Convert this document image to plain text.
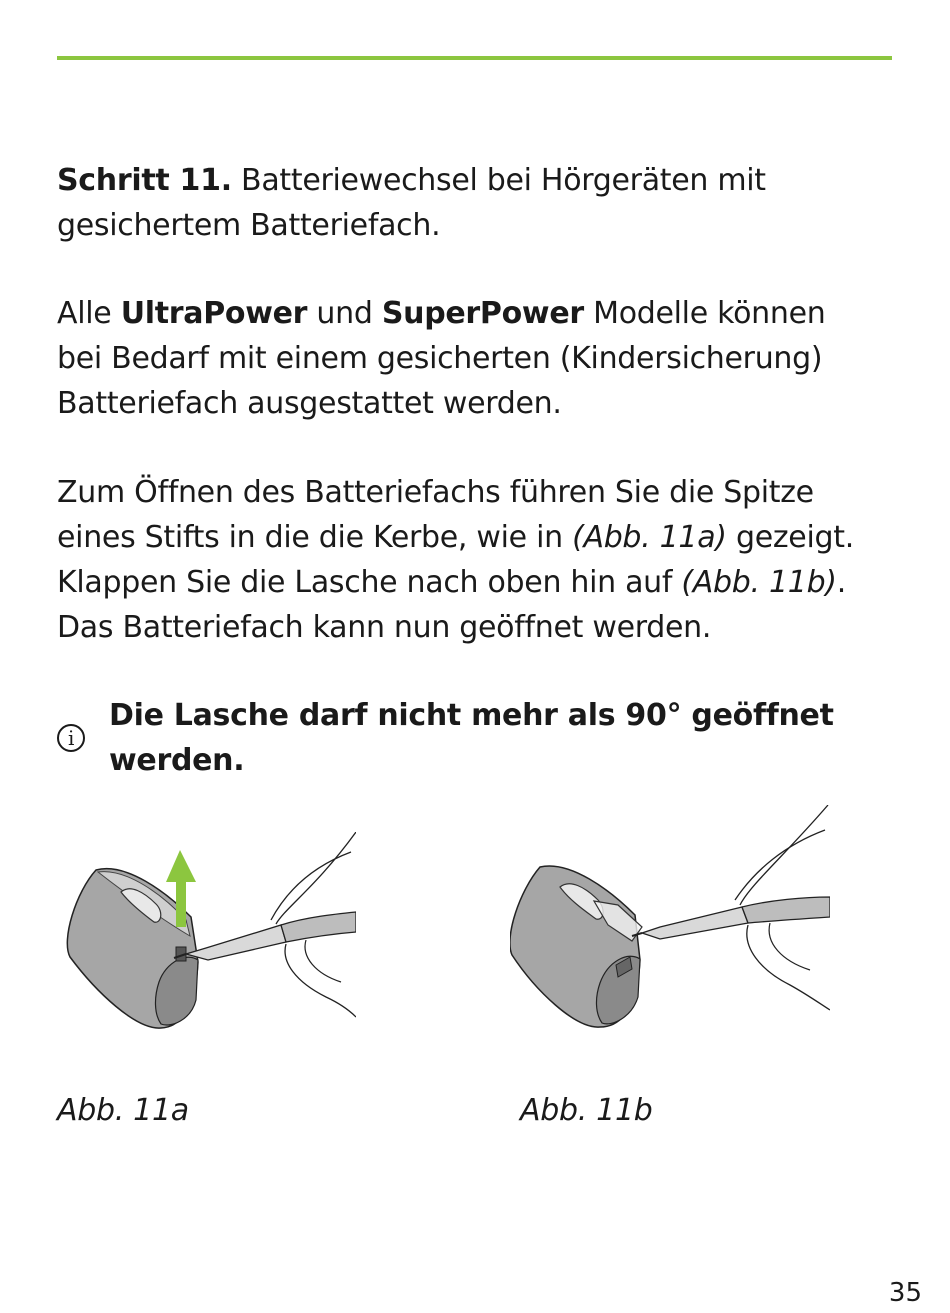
Schritt 11. Batteriewechsel bei Hörgeräten mit

gesichertem Batteriefach.

Alle UltraPower und SuperPower Modelle können

bei Bedarf mit einem gesicherten (Kindersicherung)

Batteriefach ausgestattet werden.

Zum Öffnen des Batteriefachs führen Sie die Spitze

eines Stifts in die die Kerbe, wie in (Abb. 11a) gezeigt.

Klappen Sie die Lasche nach oben hin auf (Abb. 11b).

Das Batteriefach kann nun geöffnet werden.

i
Die Lasche darf nicht mehr als 90° geöffnet werden.
Abb. 11a	Abb. 11b
35
